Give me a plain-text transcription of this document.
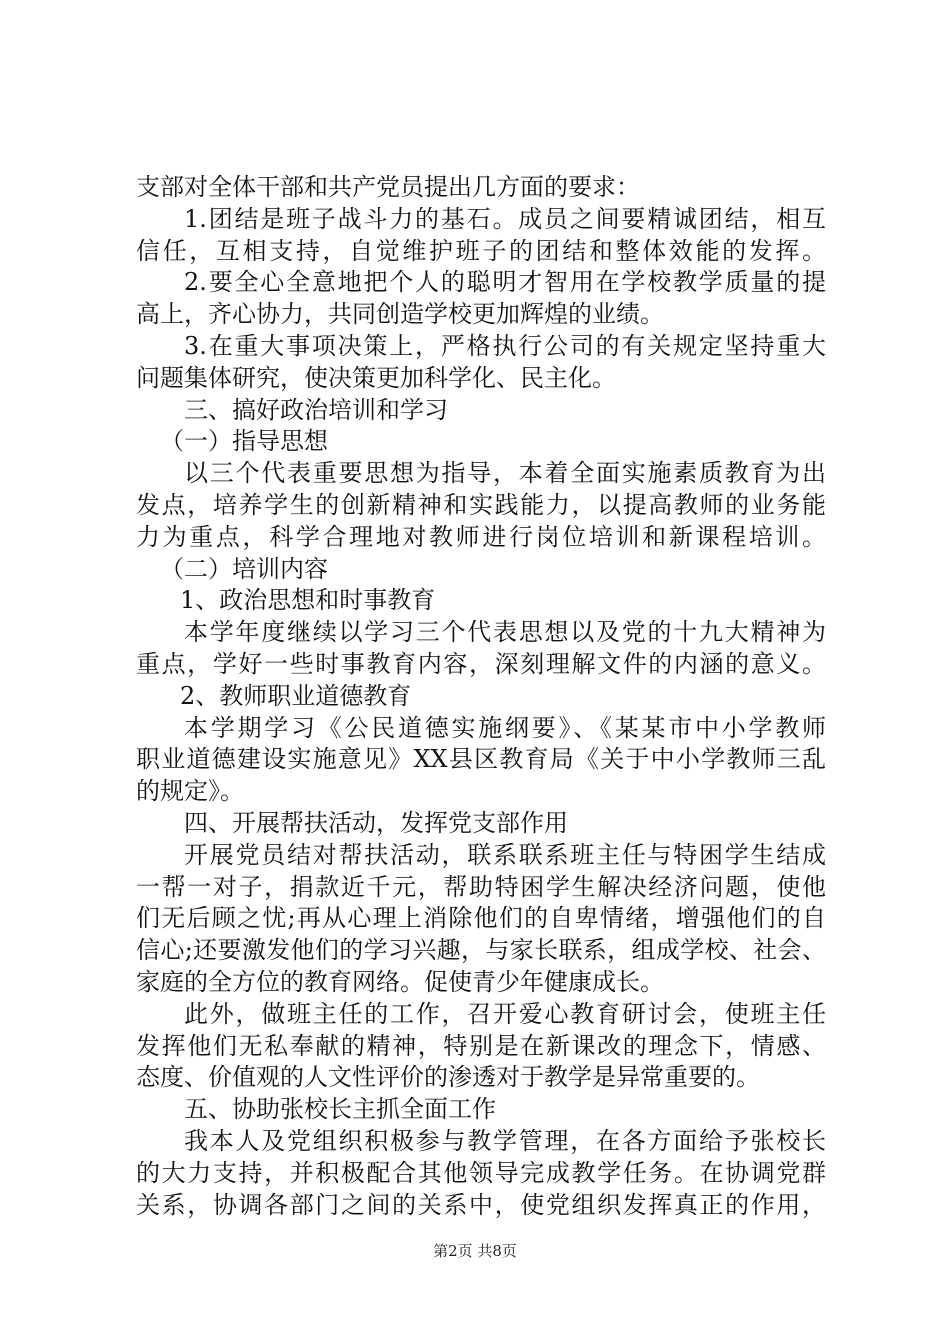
支部对全体干部和共产党员提出几方面的要求：
1.团结是班子战斗力的基石。成员之间要精诚团结，相互
信任，互相支持，自觉维护班子的团结和整体效能的发挥。
2.要全心全意地把个人的聪明才智用在学校教学质量的提
高上，齐心协力，共同创造学校更加辉煌的业绩。
3.在重大事项决策上，严格执行公司的有关规定坚持重大
问题集体研究，使决策更加科学化、民主化。
三、搞好政治培训和学习
（一）指导思想
以三个代表重要思想为指导，本着全面实施素质教育为出
发点，培养学生的创新精神和实践能力，以提高教师的业务能
力为重点，科学合理地对教师进行岗位培训和新课程培训。
（二）培训内容
1、政治思想和时事教育
本学年度继续以学习三个代表思想以及党的十九大精神为
重点，学好一些时事教育内容，深刻理解文件的内涵的意义。
2、教师职业道德教育
本学期学习《公民道德实施纲要》、《某某市中小学教师
职业道德建设实施意见》XX县区教育局《关于中小学教师三乱
的规定》。
四、开展帮扶活动，发挥党支部作用
开展党员结对帮扶活动，联系联系班主任与特困学生结成
一帮一对子，捐款近千元，帮助特困学生解决经济问题，使他
们无后顾之忧;再从心理上消除他们的自卑情绪，增强他们的自
信心;还要激发他们的学习兴趣，与家长联系，组成学校、社会、
家庭的全方位的教育网络。促使青少年健康成长。
此外，做班主任的工作，召开爱心教育研讨会，使班主任
发挥他们无私奉献的精神，特别是在新课改的理念下，情感、
态度、价值观的人文性评价的渗透对于教学是异常重要的。
五、协助张校长主抓全面工作
我本人及党组织积极参与教学管理，在各方面给予张校长
的大力支持，并积极配合其他领导完成教学任务。在协调党群
关系，协调各部门之间的关系中，使党组织发挥真正的作用，
第2页 共8页
